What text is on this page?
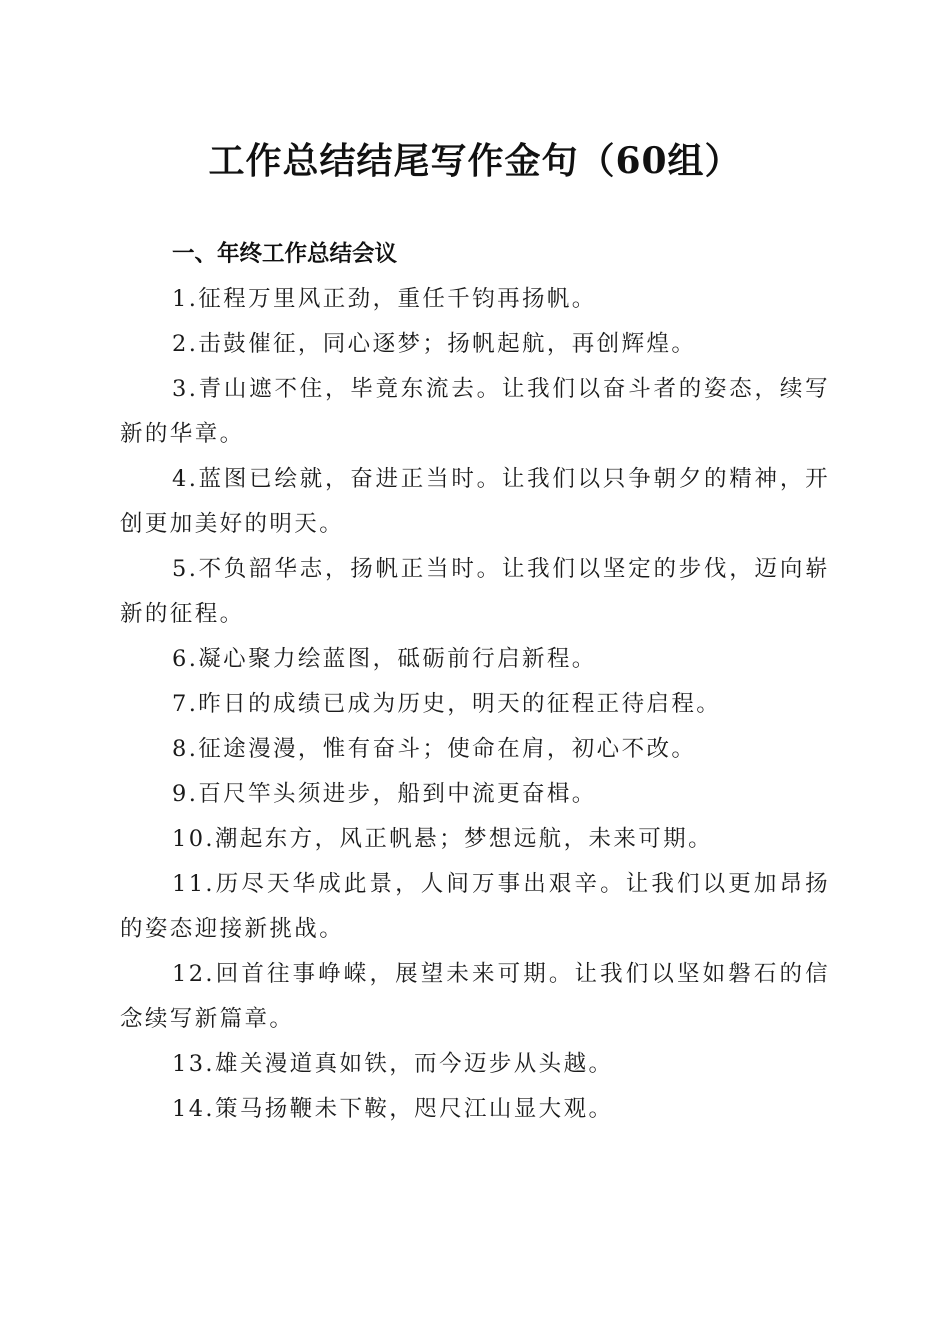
工作总结结尾写作金句（60组）
一、年终工作总结会议

1.征程万里风正劲，重任千钧再扬帆。

2.击鼓催征，同心逐梦；扬帆起航，再创辉煌。

3.青山遮不住，毕竟东流去。让我们以奋斗者的姿态，续写新的华章。

4.蓝图已绘就，奋进正当时。让我们以只争朝夕的精神，开创更加美好的明天。

5.不负韶华志，扬帆正当时。让我们以坚定的步伐，迈向崭新的征程。

6.凝心聚力绘蓝图，砥砺前行启新程。

7.昨日的成绩已成为历史，明天的征程正待启程。

8.征途漫漫，惟有奋斗；使命在肩，初心不改。

9.百尺竿头须进步，船到中流更奋楫。

10.潮起东方，风正帆悬；梦想远航，未来可期。

11.历尽天华成此景，人间万事出艰辛。让我们以更加昂扬的姿态迎接新挑战。

12.回首往事峥嵘，展望未来可期。让我们以坚如磐石的信念续写新篇章。

13.雄关漫道真如铁，而今迈步从头越。

14.策马扬鞭未下鞍，咫尺江山显大观。
